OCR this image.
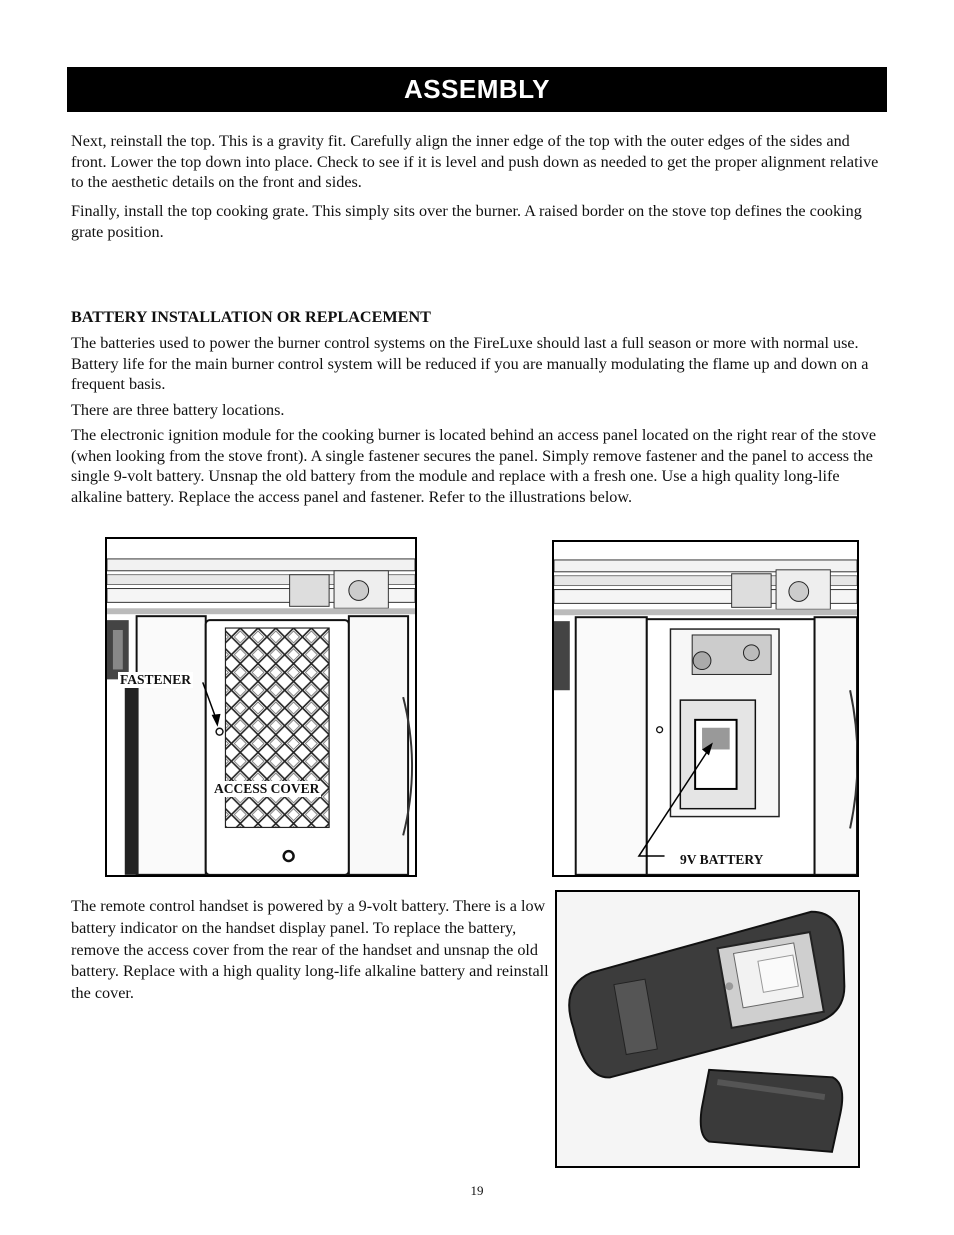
ASSEMBLY

Next, reinstall the top. This is a gravity fit. Carefully align the inner edge of the top with the outer edges of the sides and front. Lower the top down into place. Check to see if it is level and push down as needed to get the proper alignment relative to the aesthetic details on the front and sides.

Finally, install the top cooking grate. This simply sits over the burner. A raised border on the stove top defines the cooking grate position.

BATTERY INSTALLATION OR REPLACEMENT

The batteries used to power the burner control systems on the FireLuxe should last a full season or more with normal use. Battery life for the main burner control system will be reduced if you are manually modulating the flame up and down on a frequent basis.

There are three battery locations.

The electronic ignition module for the cooking burner is located behind an access panel located on the right rear of the stove (when looking from the stove front). A single fastener secures the panel. Simply remove fastener and the panel to access the single 9-volt battery. Unsnap the old battery from the module and replace with a fresh one. Use a high quality long-life alkaline battery. Replace the access panel and fastener. Refer to the illustrations below.

FASTENER
ACCESS COVER
9V BATTERY

The remote control handset is powered by a 9-volt battery. There is a low battery indicator on the handset display panel. To replace the battery, remove the access cover from the rear of the handset and unsnap the old battery. Replace with a high quality long-life alkaline battery and reinstall the cover.

19
